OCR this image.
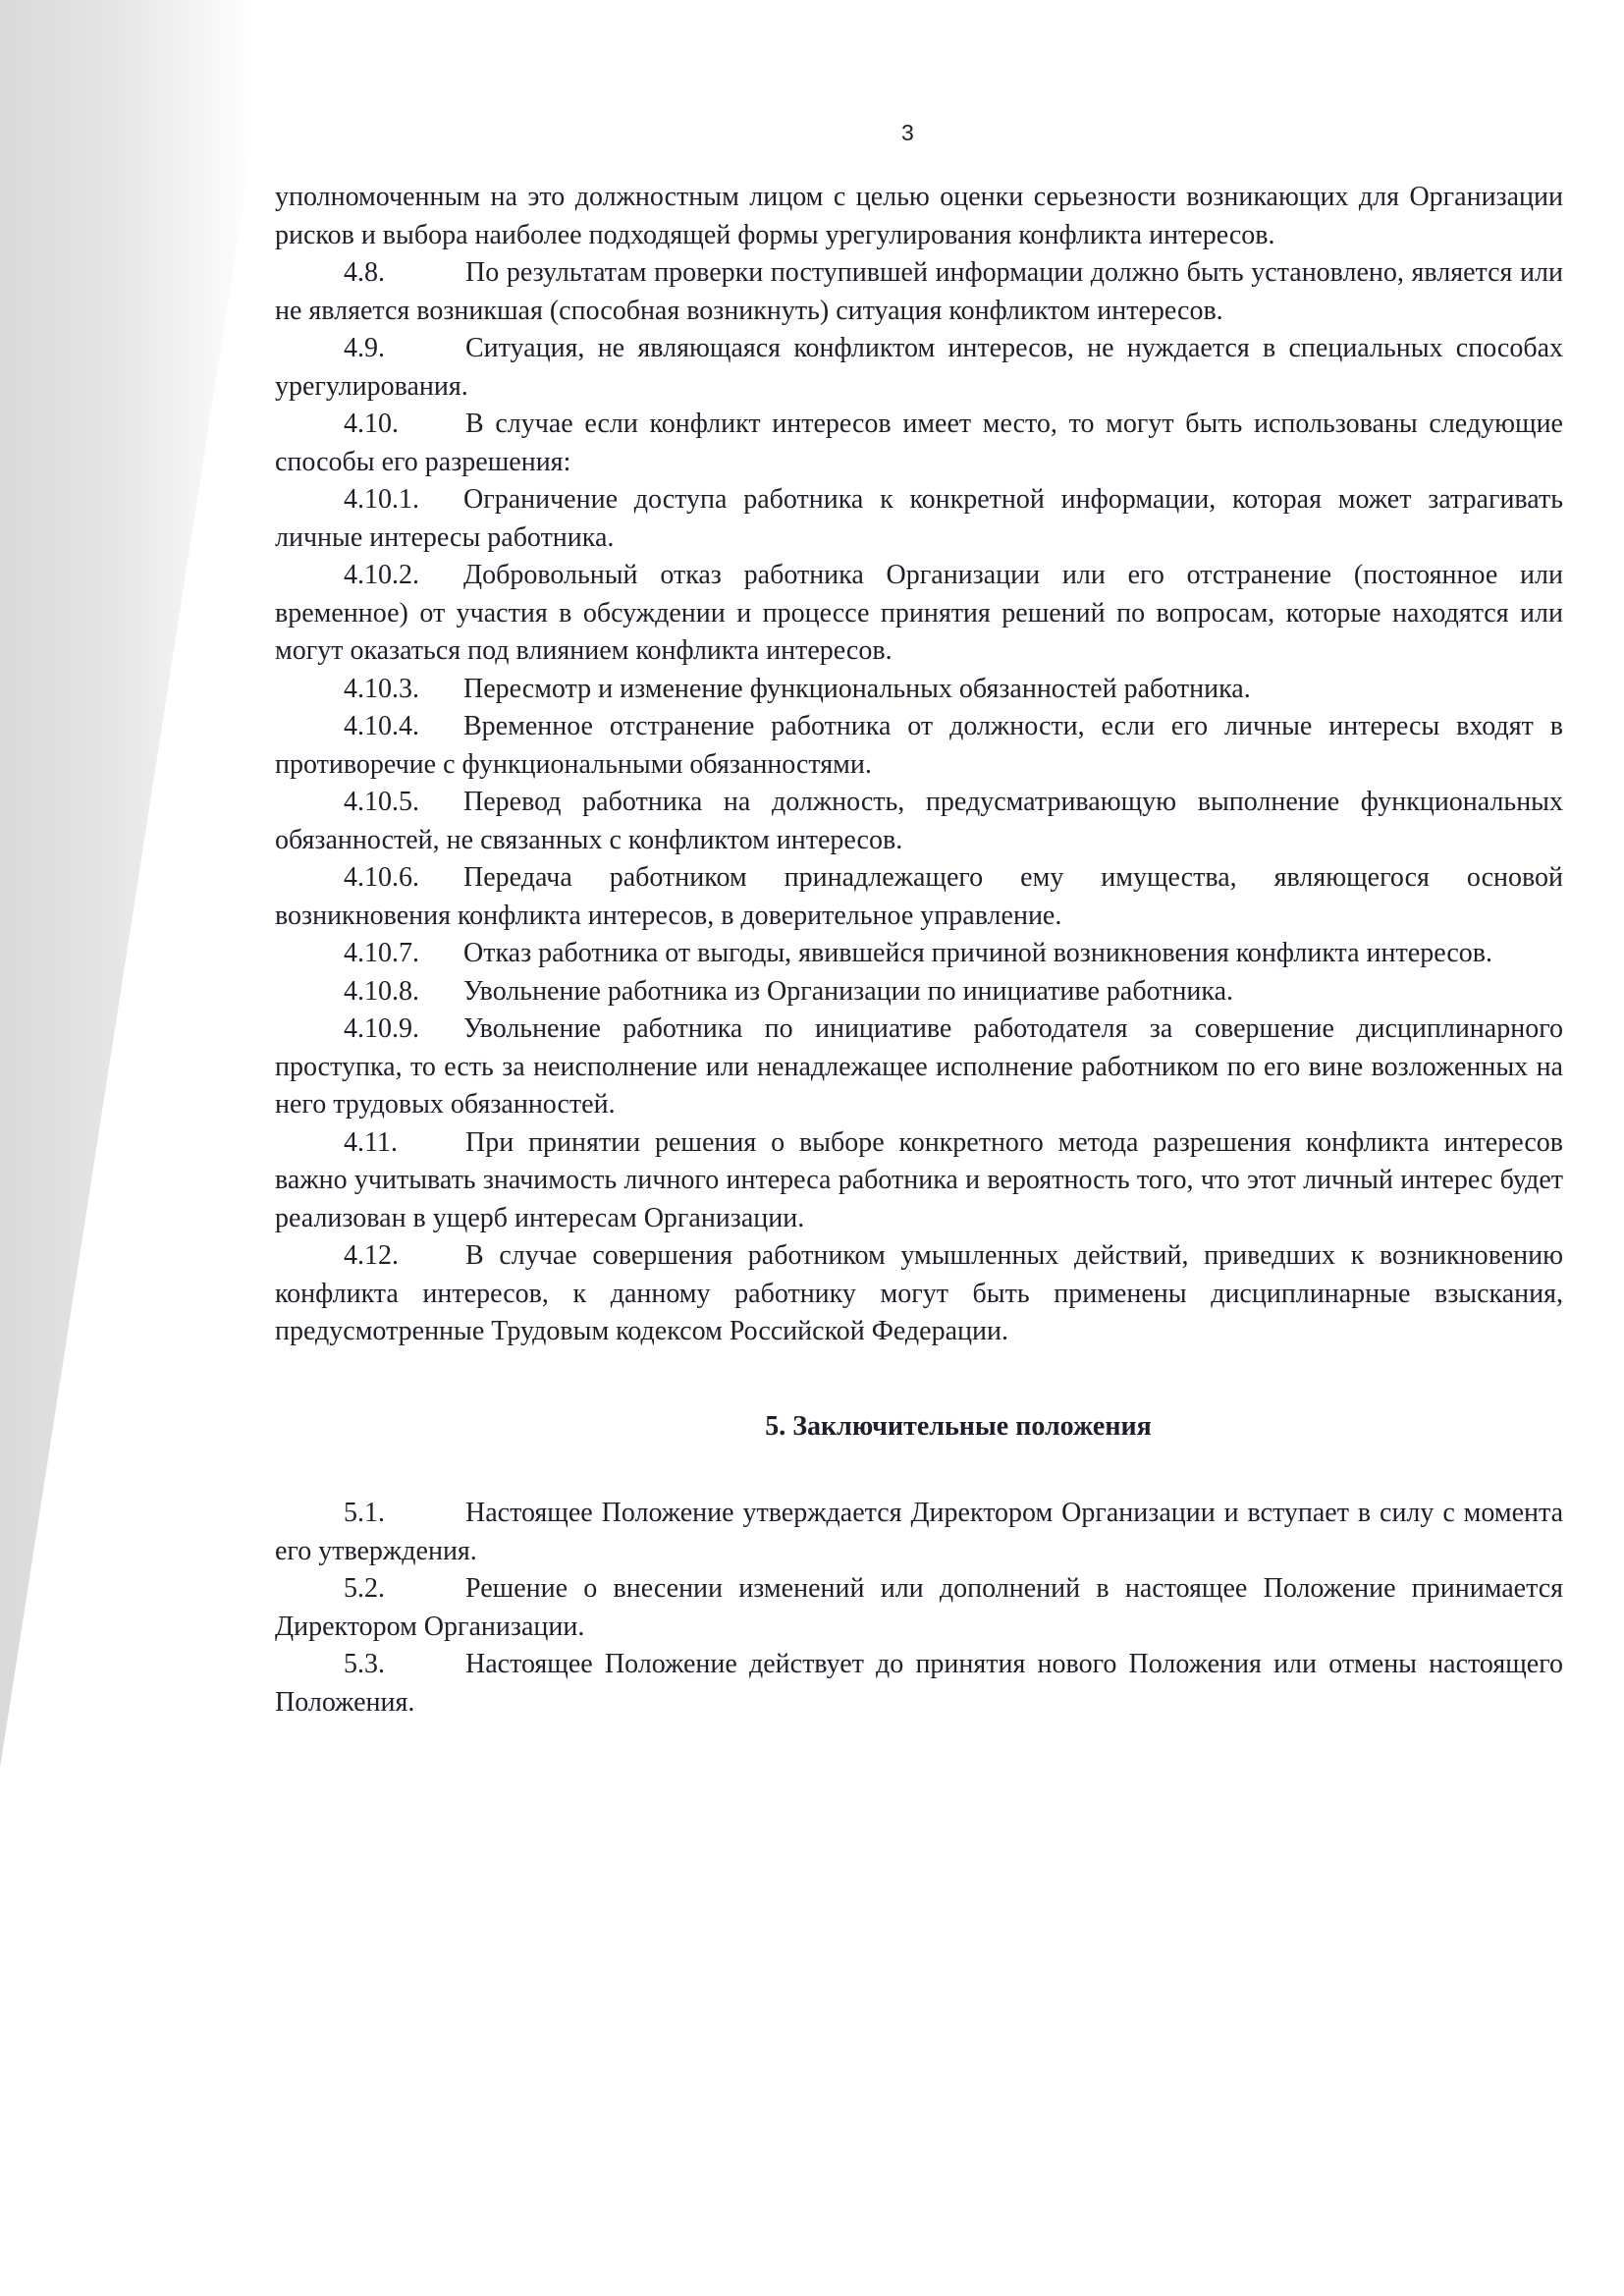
3

уполномоченным на это должностным лицом с целью оценки серьезности возникающих для Организации рисков и выбора наиболее подходящей формы урегулирования конфликта интересов.

4.8.	По результатам проверки поступившей информации должно быть установлено, является или не является возникшая (способная возникнуть) ситуация конфликтом интересов.

4.9.	Ситуация, не являющаяся конфликтом интересов, не нуждается в специальных способах урегулирования.

4.10. В случае если конфликт интересов имеет место, то могут быть использованы следующие способы его разрешения:

4.10.1. Ограничение доступа работника к конкретной информации, которая может затрагивать личные интересы работника.

4.10.2. Добровольный отказ работника Организации или его отстранение (постоянное или временное) от участия в обсуждении и процессе принятия решений по вопросам, которые находятся или могут оказаться под влиянием конфликта интересов.

4.10.3. Пересмотр и изменение функциональных обязанностей работника.

4.10.4. Временное отстранение работника от должности, если его личные интересы входят в противоречие с функциональными обязанностями.

4.10.5. Перевод работника на должность, предусматривающую выполнение функциональных обязанностей, не связанных с конфликтом интересов.

4.10.6. Передача работником принадлежащего ему имущества, являющегося основой возникновения конфликта интересов, в доверительное управление.

4.10.7. Отказ работника от выгоды, явившейся причиной возникновения конфликта интересов.

4.10.8. Увольнение работника из Организации по инициативе работника.

4.10.9. Увольнение работника по инициативе работодателя за совершение дисциплинарного проступка, то есть за неисполнение или ненадлежащее исполнение работником по его вине возложенных на него трудовых обязанностей.

4.11. При принятии решения о выборе конкретного метода разрешения конфликта интересов важно учитывать значимость личного интереса работника и вероятность того, что этот личный интерес будет реализован в ущерб интересам Организации.

4.12. В случае совершения работником умышленных действий, приведших к возникновению конфликта интересов, к данному работнику могут быть применены дисциплинарные взыскания, предусмотренные Трудовым кодексом Российской Федерации.

5. Заключительные положения

5.1.	Настоящее Положение утверждается Директором Организации и вступает в силу с момента его утверждения.

5.2.	Решение о внесении изменений или дополнений в настоящее Положение принимается Директором Организации.

5.3.	Настоящее Положение действует до принятия нового Положения или отмены настоящего Положения.
